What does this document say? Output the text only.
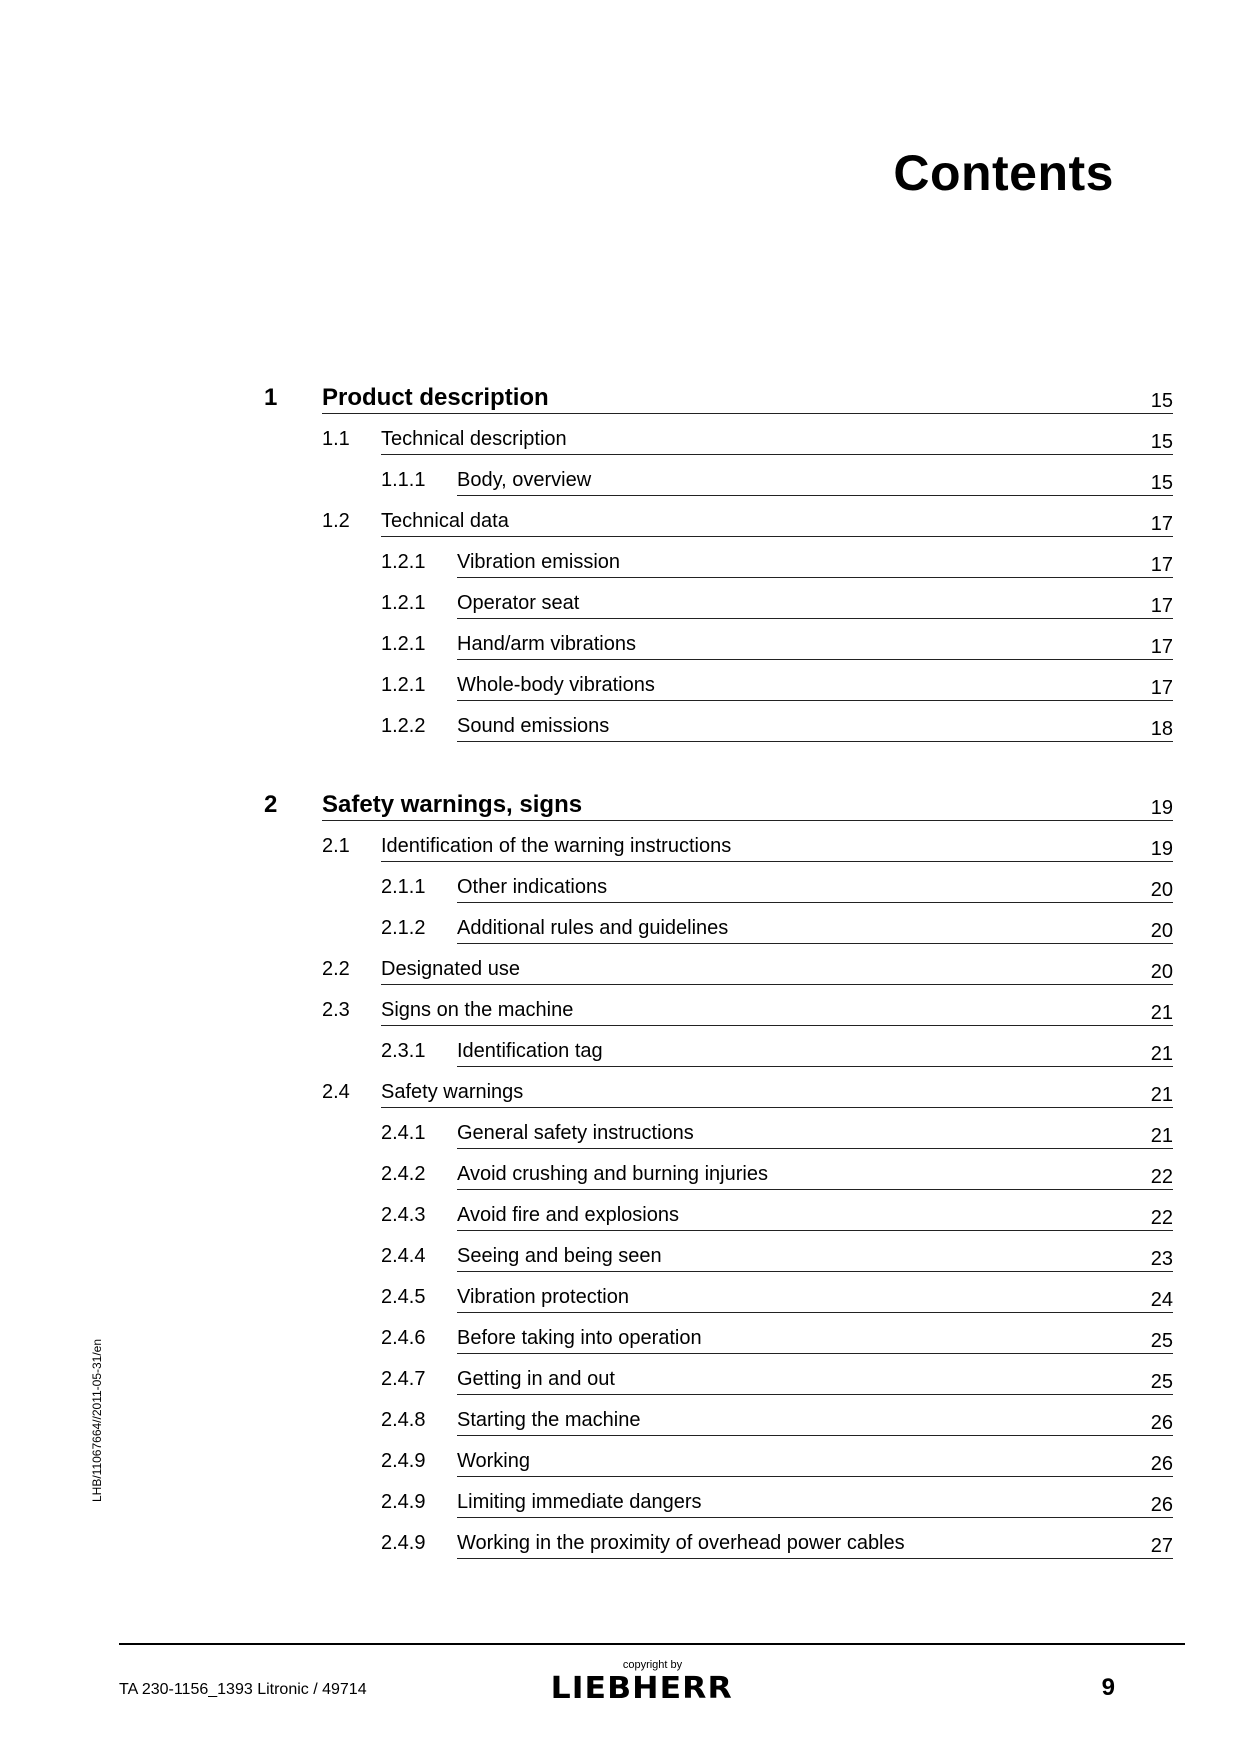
Contents
LHB/11067664//2011-05-31/en
1 Product description	15
1.1 Technical description	15
1.1.1 Body, overview	15
1.2 Technical data	17
1.2.1 Vibration emission	17
1.2.1 Operator seat	17
1.2.1 Hand/arm vibrations	17
1.2.1 Whole-body vibrations	17
1.2.2 Sound emissions	18
2 Safety warnings, signs	19
2.1 Identification of the warning instructions	19
2.1.1 Other indications	20
2.1.2 Additional rules and guidelines	20
2.2 Designated use	20
2.3 Signs on the machine	21
2.3.1 Identification tag	21
2.4 Safety warnings	21
2.4.1 General safety instructions	21
2.4.2 Avoid crushing and burning injuries	22
2.4.3 Avoid fire and explosions	22
2.4.4 Seeing and being seen	23
2.4.5 Vibration protection	24
2.4.6 Before taking into operation	25
2.4.7 Getting in and out	25
2.4.8 Starting the machine	26
2.4.9 Working	26
2.4.9 Limiting immediate dangers	26
2.4.9 Working in the proximity of overhead power cables	27
TA 230-1156_1393 Litronic / 49714
copyright by
LIEBHERR	9
